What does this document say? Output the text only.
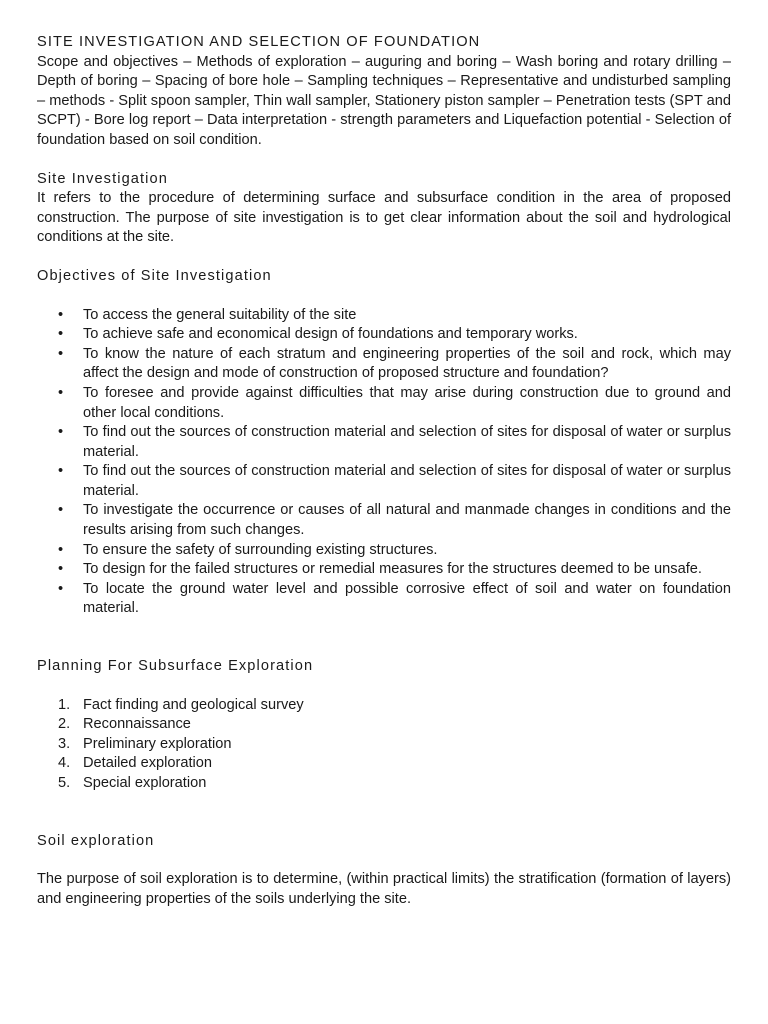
SITE INVESTIGATION AND SELECTION OF FOUNDATION

Scope and objectives – Methods of exploration – auguring and boring – Wash boring and rotary drilling – Depth of boring – Spacing of bore hole – Sampling techniques – Representative and undisturbed sampling – methods - Split spoon sampler, Thin wall sampler, Stationery piston sampler – Penetration tests (SPT and SCPT) - Bore log report – Data interpretation - strength parameters and Liquefaction potential - Selection of foundation based on soil condition.

Site Investigation

It refers to the procedure of determining surface and subsurface condition in the area of proposed construction. The purpose of site investigation is to get clear information about the soil and hydrological conditions at the site.

Objectives of Site Investigation
• To access the general suitability of the site
• To achieve safe and economical design of foundations and temporary works.
• To know the nature of each stratum and engineering properties of the soil and rock, which may affect the design and mode of construction of proposed structure and foundation?
• To foresee and provide against difficulties that may arise during construction due to ground and other local conditions.
• To find out the sources of construction material and selection of sites for disposal of water or surplus material.
• To find out the sources of construction material and selection of sites for disposal of water or surplus material.
• To investigate the occurrence or causes of all natural and manmade changes in conditions and the results arising from such changes.
• To ensure the safety of surrounding existing structures.
• To design for the failed structures or remedial measures for the structures deemed to be unsafe.
• To locate the ground water level and possible corrosive effect of soil and water on foundation material.
Planning For Subsurface Exploration
1. Fact finding and geological survey
2. Reconnaissance
3. Preliminary exploration
4. Detailed exploration
5. Special exploration
Soil exploration

The purpose of soil exploration is to determine, (within practical limits) the stratification (formation of layers) and engineering properties of the soils underlying the site.
